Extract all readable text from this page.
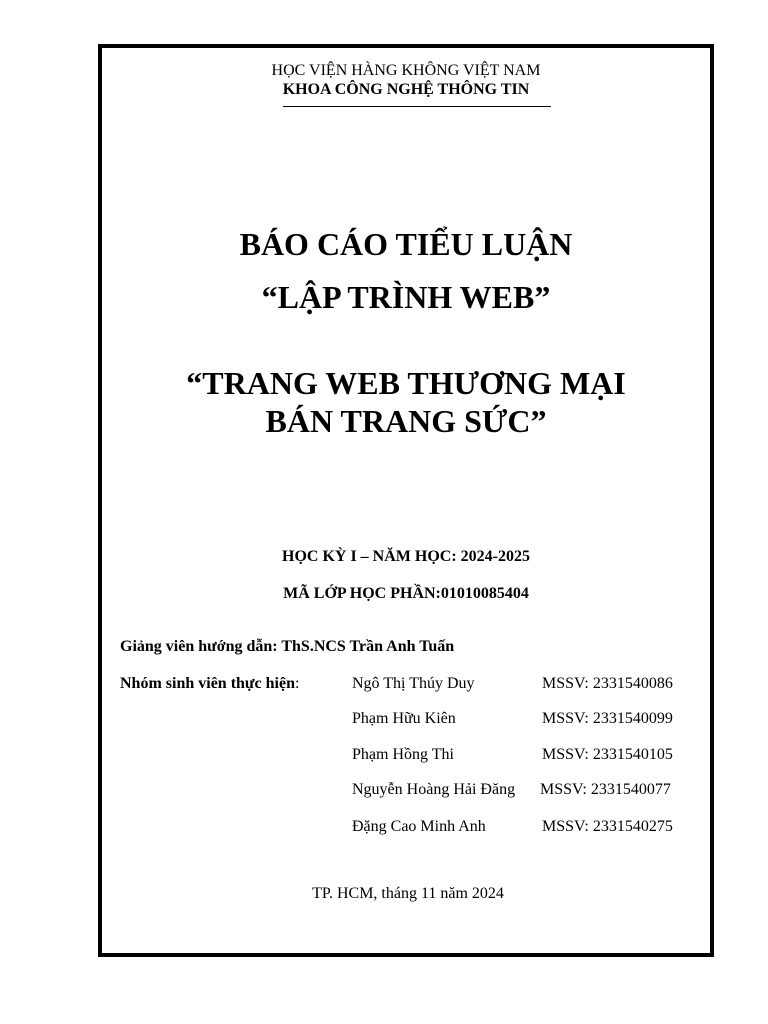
HỌC VIỆN HÀNG KHÔNG VIỆT NAM
KHOA CÔNG NGHỆ THÔNG TIN
BÁO CÁO TIỂU LUẬN
“LẬP TRÌNH WEB”
“TRANG WEB THƯƠNG MẠI
BÁN TRANG SỨC”
HỌC KỲ I – NĂM HỌC: 2024-2025
MÃ LỚP HỌC PHẦN:01010085404
Giảng viên hướng dẫn: ThS.NCS Trần Anh Tuấn
Nhóm sinh viên thực hiện:	Ngô Thị Thúy Duy	MSSV: 2331540086
Phạm Hữu Kiên	MSSV: 2331540099
Phạm Hồng Thi	MSSV: 2331540105
Nguyễn Hoàng Hải Đăng MSSV: 2331540077
Đặng Cao Minh Anh	MSSV: 2331540275
TP. HCM, tháng 11 năm 2024
